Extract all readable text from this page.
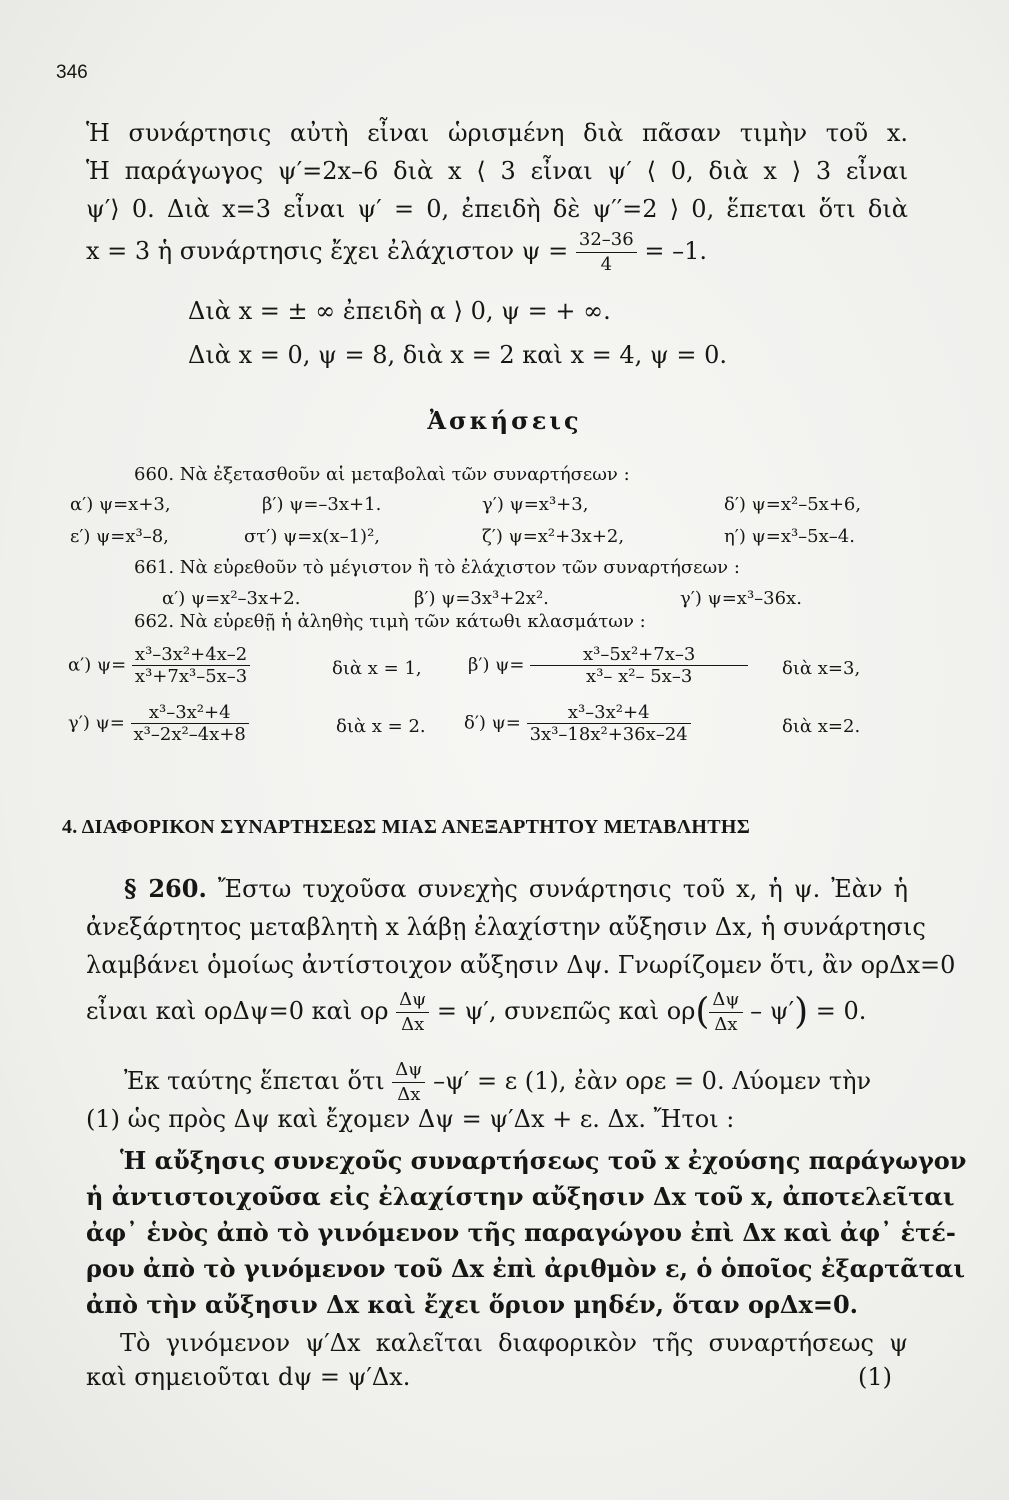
346
Ἡ συνάρτησις αὐτὴ εἶναι ὡρισμένη διὰ πᾶσαν τιμὴν τοῦ x.
Ἡ παράγωγος ψ′=2x–6 διὰ x ⟨ 3 εἶναι ψ′ ⟨ 0, διὰ x ⟩ 3 εἶναι
ψ′⟩ 0. Διὰ x=3 εἶναι ψ′ = 0, ἐπειδὴ δὲ ψ′′=2 ⟩ 0, ἕπεται ὅτι διὰ
x = 3 ἡ συνάρτησις ἔχει ἐλάχιστον $\psi = \frac{32-36}{4} = -1$.
Διὰ x = ± ∞ ἐπειδὴ α ⟩ 0, ψ = + ∞.
Διὰ x = 0, ψ = 8, διὰ x = 2 καὶ x = 4, ψ = 0.
Ἀσκήσεις
660. Νὰ ἐξετασθοῦν αἱ μεταβολαὶ τῶν συναρτήσεων :
α′) ψ=x+3,	β′) ψ=–3x+1.	γ′) ψ=x³+3,	δ′) ψ=x²–5x+6,
ε′) ψ=x³–8,	στ′) ψ=x(x–1)²,	ζ′) ψ=x²+3x+2,	η′) ψ=x³–5x–4.
661. Νὰ εὑρεθοῦν τὸ μέγιστον ἢ τὸ ἐλάχιστον τῶν συναρτήσεων :
α′) ψ=x²–3x+2.	β′) ψ=3x³+2x².	γ′) ψ=x³–36x.
662. Νὰ εὑρεθῇ ἡ ἀληθὴς τιμὴ τῶν κάτωθι κλασμάτων :
α′) $\psi= \frac{\text{x³–3x²+4x–2}}{\text{x³+7x³–5x–3}}$	διὰ x = 1,	β′) $\psi= \frac{\text{x³–5x²+7x–3}}{\text{x³– x²– 5x–3}}$ διὰ x=3,
γ′) $\psi= \frac{\text{x³–3x²+4}}{\text{x³–2x²–4x+8}}$	διὰ x = 2. δ′) $\psi= \frac{\text{x³–3x²+4}}{\text{3x³–18x²+36x–24}}$	διὰ x=2.
4. ΔΙΑΦΟΡΙΚΟΝ ΣΥΝΑΡΤΗΣΕΩΣ ΜΙΑΣ ΑΝΕΞΑΡΤΗΤΟΥ ΜΕΤΑΒΛΗΤΗΣ
§ 260. Ἔστω τυχοῦσα συνεχὴς συνάρτησις τοῦ x, ἡ ψ. Ἐὰν ἡ
ἀνεξάρτητος μεταβλητὴ x λάβῃ ἐλαχίστην αὔξησιν Δx, ἡ συνάρτησις
λαμβάνει ὁμοίως ἀντίστοιχον αὔξησιν Δψ. Γνωρίζομεν ὅτι, ἂν ορΔx=0
εἶναι καὶ ορΔψ=0 καὶ ορ $\frac{\Delta\psi}{\Delta x} = \psi'$, συνεπῶς καὶ $o\rho( \frac{\Delta\psi}{\Delta x} - \psi') = 0$.
Ἐκ ταύτης ἕπεται ὅτι $\frac{\Delta\psi}{\Delta x} -\psi' = \varepsilon$ (1), ἐὰν ορε = 0. Λύομεν τὴν
(1) ὡς πρὸς Δψ καὶ ἔχομεν Δψ = ψ′Δx + ε. Δx. Ἤτοι :
Ἡ αὔξησις συνεχοῦς συναρτήσεως τοῦ x ἐχούσης παράγωγον
ἡ ἀντιστοιχοῦσα εἰς ἐλαχίστην αὔξησιν Δx τοῦ x, ἀποτελεῖται
ἀφ᾽ ἑνὸς ἀπὸ τὸ γινόμενον τῆς παραγώγου ἐπὶ Δx καὶ ἀφ᾽ ἑτέ-
ρου ἀπὸ τὸ γινόμενον τοῦ Δx ἐπὶ ἀριθμὸν ε, ὁ ὁποῖος ἐξαρτᾶται
ἀπὸ τὴν αὔξησιν Δx καὶ ἔχει ὅριον μηδέν, ὅταν ορΔx=0.
Τὸ γινόμενον ψ′Δx καλεῖται διαφορικὸν τῆς συναρτήσεως ψ
καὶ σημειοῦται dψ = ψ′Δx.	(1)
